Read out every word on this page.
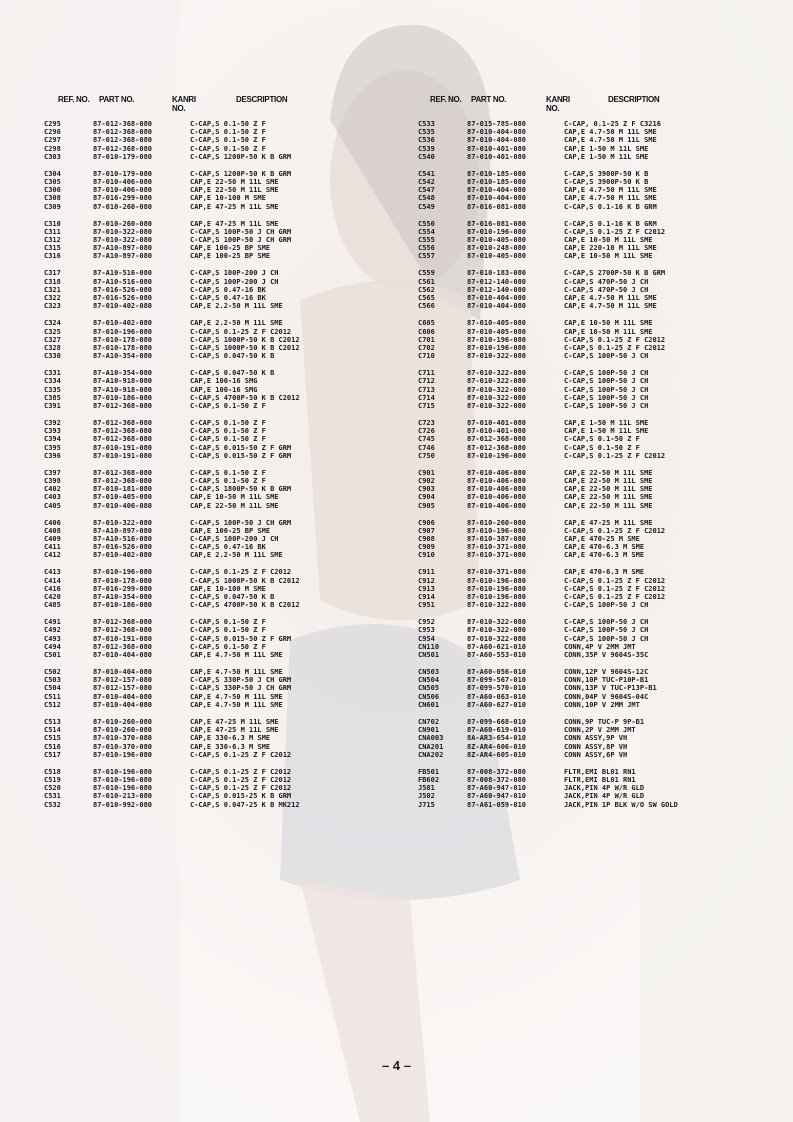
REF. NO. PART NO.	KANRI
NO.
DESCRIPTION	REF. NO. PART NO.	KANRI
NO.
DESCRIPTION
C295	87-012-368-080	C-CAP,S 0.1-50 Z F
C296	87-012-368-080	C-CAP,S 0.1-50 Z F
C297	87-012-368-080	C-CAP,S 0.1-50 Z F
C298	87-012-368-080	C-CAP,S 0.1-50 Z F
C303	87-010-179-080	C-CAP,S 1200P-50 K B GRM
C304	87-010-179-080	C-CAP,S 1200P-50 K B GRM
C305	87-010-406-080	CAP,E 22-50 M 11L SME
C306	87-010-406-080	CAP,E 22-50 M 11L SME
C308	87-016-299-080	CAP,E 10-100 M SME
C309	87-010-260-080	CAP,E 47-25 M 11L SME
C310	87-010-260-080	CAP,E 47-25 M 11L SME
C311	87-010-322-080	C-CAP,S 100P-50 J CH GRM
C312	87-010-322-080	C-CAP,S 100P-50 J CH GRM
C315	87-A10-897-080	CAP,E 100-25 BP SME
C316	87-A10-897-080	CAP,E 100-25 BP SME
C317	87-A10-516-080	C-CAP,S 100P-200 J CH
C318	87-A10-516-080	C-CAP,S 100P-200 J CH
C321	87-016-526-080	C-CAP,S 0.47-16 BK
C322	87-016-526-080	C-CAP,S 0.47-16 BK
C323	87-010-402-080	CAP,E 2.2-50 M 11L SME
C324	87-010-402-080	CAP,E 2.2-50 M 11L SME
C325	87-010-196-080	C-CAP,S 0.1-25 Z F C2012
C327	87-010-178-080	C-CAP,S 1000P-50 K B C2012
C328	87-010-178-080	C-CAP,S 1000P-50 K B C2012
C330	87-A10-354-080	C-CAP,S 0.047-50 K B
C331	87-A10-354-080	C-CAP,S 0.047-50 K B
C334	87-A10-918-080	CAP,E 100-16 SMG
C335	87-A10-918-080	CAP,E 100-16 SMG
C385	87-010-186-080	C-CAP,S 4700P-50 K B C2012
C391	87-012-368-080	C-CAP,S 0.1-50 Z F
C392	87-012-368-080	C-CAP,S 0.1-50 Z F
C393	87-012-368-080	C-CAP,S 0.1-50 Z F
C394	87-012-368-080	C-CAP,S 0.1-50 Z F
C395	87-010-191-080	C-CAP,S 0.015-50 Z F GRM
C396	87-010-191-080	C-CAP,S 0.015-50 Z F GRM
C397	87-012-368-080	C-CAP,S 0.1-50 Z F
C398	87-012-368-080	C-CAP,S 0.1-50 Z F
C402	87-010-181-080	C-CAP,S 1800P-50 K B GRM
C403	87-010-405-080	CAP,E 10-50 M 11L SME
C405	87-010-406-080	CAP,E 22-50 M 11L SME
C406	87-010-322-080	C-CAP,S 100P-50 J CH GRM
C408	87-A10-897-080	CAP,E 100-25 BP SME
C409	87-A10-516-080	C-CAP,S 100P-200 J CH
C411	87-016-526-080	C-CAP,S 0.47-16 BK
C412	87-010-402-080	CAP,E 2.2-50 M 11L SME
C413	87-010-196-080	C-CAP,S 0.1-25 Z F C2012
C414	87-010-178-080	C-CAP,S 1000P-50 K B C2012
C416	87-016-299-080	CAP,E 10-100 M SME
C420	87-A10-354-080	C-CAP,S 0.047-50 K B
C485	87-010-186-080	C-CAP,S 4700P-50 K B C2012
C491	87-012-368-080	C-CAP,S 0.1-50 Z F
C492	87-012-368-080	C-CAP,S 0.1-50 Z F
C493	87-010-191-080	C-CAP,S 0.015-50 Z F GRM
C494	87-012-368-080	C-CAP,S 0.1-50 Z F
C501	87-010-404-080	CAP,E 4.7-50 M 11L SME
C502	87-010-404-080	CAP,E 4.7-50 M 11L SME
C503	87-012-157-080	C-CAP,S 330P-50 J CH GRM
C504	87-012-157-080	C-CAP,S 330P-50 J CH GRM
C511	87-010-404-080	CAP,E 4.7-50 M 11L SME
C512	87-010-404-080	CAP,E 4.7-50 M 11L SME
C513	87-010-260-080	CAP,E 47-25 M 11L SME
C514	87-010-260-080	CAP,E 47-25 M 11L SME
C515	87-010-370-080	CAP,E 330-6.3 M SME
C516	87-010-370-080	CAP,E 330-6.3 M SME
C517	87-010-196-080	C-CAP,S 0.1-25 Z F C2012
C518	87-010-196-080	C-CAP,S 0.1-25 Z F C2012
C519	87-010-196-080	C-CAP,S 0.1-25 Z F C2012
C520	87-010-196-080	C-CAP,S 0.1-25 Z F C2012
C531	87-010-213-080	C-CAP,S 0.015-25 K B GRM
C532	87-010-992-080	C-CAP,S 0.047-25 K B MK212
C533	87-015-785-080	C-CAP, 0.1-25 Z F C3216
C535	87-010-404-080	CAP,E 4.7-50 M 11L SME
C536	87-010-404-080	CAP,E 4.7-50 M 11L SME
C539	87-010-401-080	CAP,E 1-50 M 11L SME
C540	87-010-401-080	CAP,E 1-50 M 11L SME
C541	87-010-185-080	C-CAP,S 3900P-50 K B
C542	87-010-185-080	C-CAP,S 3900P-50 K B
C547	87-010-404-080	CAP,E 4.7-50 M 11L SME
C548	87-010-404-080	CAP,E 4.7-50 M 11L SME
C549	87-016-081-080	C-CAP,S 0.1-16 K B GRM
C550	87-016-081-080	C-CAP,S 0.1-16 K B GRM
C554	87-010-196-080	C-CAP,S 0.1-25 Z F C2012
C555	87-010-405-080	CAP,E 10-50 M 11L SME
C556	87-010-248-080	CAP,E 220-10 M 11L SME
C557	87-010-405-080	CAP,E 10-50 M 11L SME
C559	87-010-183-080	C-CAP,S 2700P-50 K B GRM
C561	87-012-140-080	C-CAP,S 470P-50 J CH
C562	87-012-140-080	C-CAP,S 470P-50 J CH
C565	87-010-404-080	CAP,E 4.7-50 M 11L SME
C566	87-010-404-080	CAP,E 4.7-50 M 11L SME
C605	87-010-405-080	CAP,E 10-50 M 11L SME
C606	87-010-405-080	CAP,E 10-50 M 11L SME
C701	87-010-196-080	C-CAP,S 0.1-25 Z F C2012
C702	87-010-196-080	C-CAP,S 0.1-25 Z F C2012
C710	87-010-322-080	C-CAP,S 100P-50 J CH
C711	87-010-322-080	C-CAP,S 100P-50 J CH
C712	87-010-322-080	C-CAP,S 100P-50 J CH
C713	87-010-322-080	C-CAP,S 100P-50 J CH
C714	87-010-322-080	C-CAP,S 100P-50 J CH
C715	87-010-322-080	C-CAP,S 100P-50 J CH
C723	87-010-401-080	CAP,E 1-50 M 11L SME
C726	87-010-401-080	CAP,E 1-50 M 11L SME
C745	87-012-368-080	C-CAP,S 0.1-50 Z F
C746	87-012-368-080	C-CAP,S 0.1-50 Z F
C750	87-010-196-080	C-CAP,S 0.1-25 Z F C2012
C901	87-010-406-080	CAP,E 22-50 M 11L SME
C902	87-010-406-080	CAP,E 22-50 M 11L SME
C903	87-010-406-080	CAP,E 22-50 M 11L SME
C904	87-010-406-080	CAP,E 22-50 M 11L SME
C905	87-010-406-080	CAP,E 22-50 M 11L SME
C906	87-010-260-080	CAP,E 47-25 M 11L SME
C907	87-010-196-080	C-CAP,S 0.1-25 Z F C2012
C908	87-010-387-080	CAP,E 470-25 M SME
C909	87-010-371-080	CAP,E 470-6.3 M SME
C910	87-010-371-080	CAP,E 470-6.3 M SME
C911	87-010-371-080	CAP,E 470-6.3 M SME
C912	87-010-196-080	C-CAP,S 0.1-25 Z F C2012
C913	87-010-196-080	C-CAP,S 0.1-25 Z F C2012
C914	87-010-196-080	C-CAP,S 0.1-25 Z F C2012
C951	87-010-322-080	C-CAP,S 100P-50 J CH
C952	87-010-322-080	C-CAP,S 100P-50 J CH
C953	87-010-322-080	C-CAP,S 100P-50 J CH
C954	87-010-322-080	C-CAP,S 100P-50 J CH
CN110	87-A60-621-010	CONN,4P V 2MM JMT
CN501	87-A60-553-010	CONN,35P V 9604S-35C
CN503	87-A60-056-010	CONN,12P V 9604S-12C
CN504	87-099-567-010	CONN,10P TUC-P10P-B1
CN505	87-099-570-010	CONN,13P V TUC-P13P-B1
CN506	87-A60-063-010	CONN,04P V 9604S-04C
CN601	87-A60-627-010	CONN,10P V 2MM JMT
CN702	87-099-668-010	CONN,9P TUC-P 9P-B1
CN901	87-A60-619-010	CONN,2P V 2MM JMT
CNA003	8A-AR3-654-010	CONN ASSY,9P VH
CNA201	8Z-AR4-606-010	CONN ASSY,8P VH
CNA202	8Z-AR4-605-010	CONN ASSY,6P VH
FB501	87-008-372-080	FLTR,EMI BL01 RN1
FB602	87-008-372-080	FLTR,EMI BL01 RN1
J501	87-A60-947-010	JACK,PIN 4P W/R GLD
J502	87-A60-947-010	JACK,PIN 4P W/R GLD
J715	87-A61-059-010	JACK,PIN 1P BLK W/O SW GOLD
– 4 –
